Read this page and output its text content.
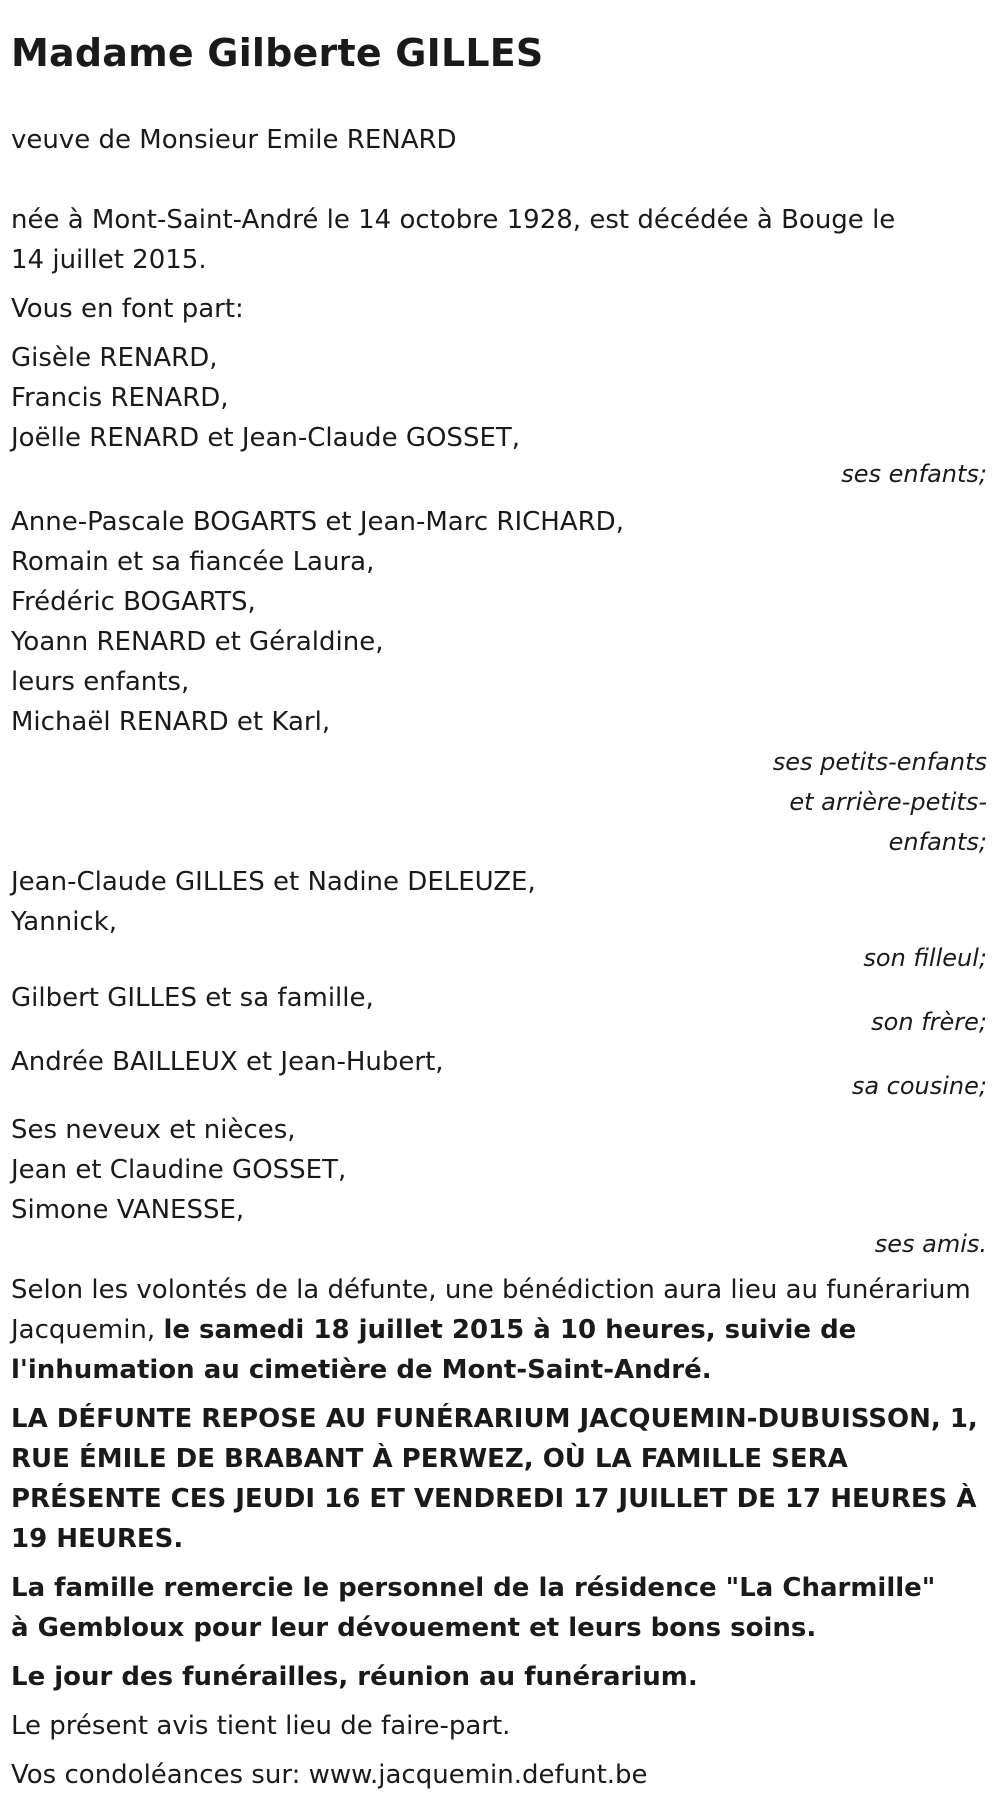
Madame Gilberte GILLES

veuve de Monsieur Emile RENARD

née à Mont-Saint-André le 14 octobre 1928, est décédée à Bouge le 14 juillet 2015.

Vous en font part:

Gisèle RENARD,
Francis RENARD,
Joëlle RENARD et Jean-Claude GOSSET,
ses enfants;
Anne-Pascale BOGARTS et Jean-Marc RICHARD,
Romain et sa fiancée Laura,
Frédéric BOGARTS,
Yoann RENARD et Géraldine,
leurs enfants,
Michaël RENARD et Karl,
ses petits-enfants
et arrière-petits-
enfants;
Jean-Claude GILLES et Nadine DELEUZE,
Yannick,
son filleul;
Gilbert GILLES et sa famille,
son frère;
Andrée BAILLEUX et Jean-Hubert,
sa cousine;
Ses neveux et nièces,
Jean et Claudine GOSSET,
Simone VANESSE,
ses amis.

Selon les volontés de la défunte, une bénédiction aura lieu au funérarium Jacquemin, le samedi 18 juillet 2015 à 10 heures, suivie de l'inhumation au cimetière de Mont-Saint-André.

LA DÉFUNTE REPOSE AU FUNÉRARIUM JACQUEMIN-DUBUISSON, 1, RUE ÉMILE DE BRABANT À PERWEZ, OÙ LA FAMILLE SERA PRÉSENTE CES JEUDI 16 ET VENDREDI 17 JUILLET DE 17 HEURES À 19 HEURES.

La famille remercie le personnel de la résidence "La Charmille" à Gembloux pour leur dévouement et leurs bons soins.

Le jour des funérailles, réunion au funérarium.

Le présent avis tient lieu de faire-part.

Vos condoléances sur: www.jacquemin.defunt.be
